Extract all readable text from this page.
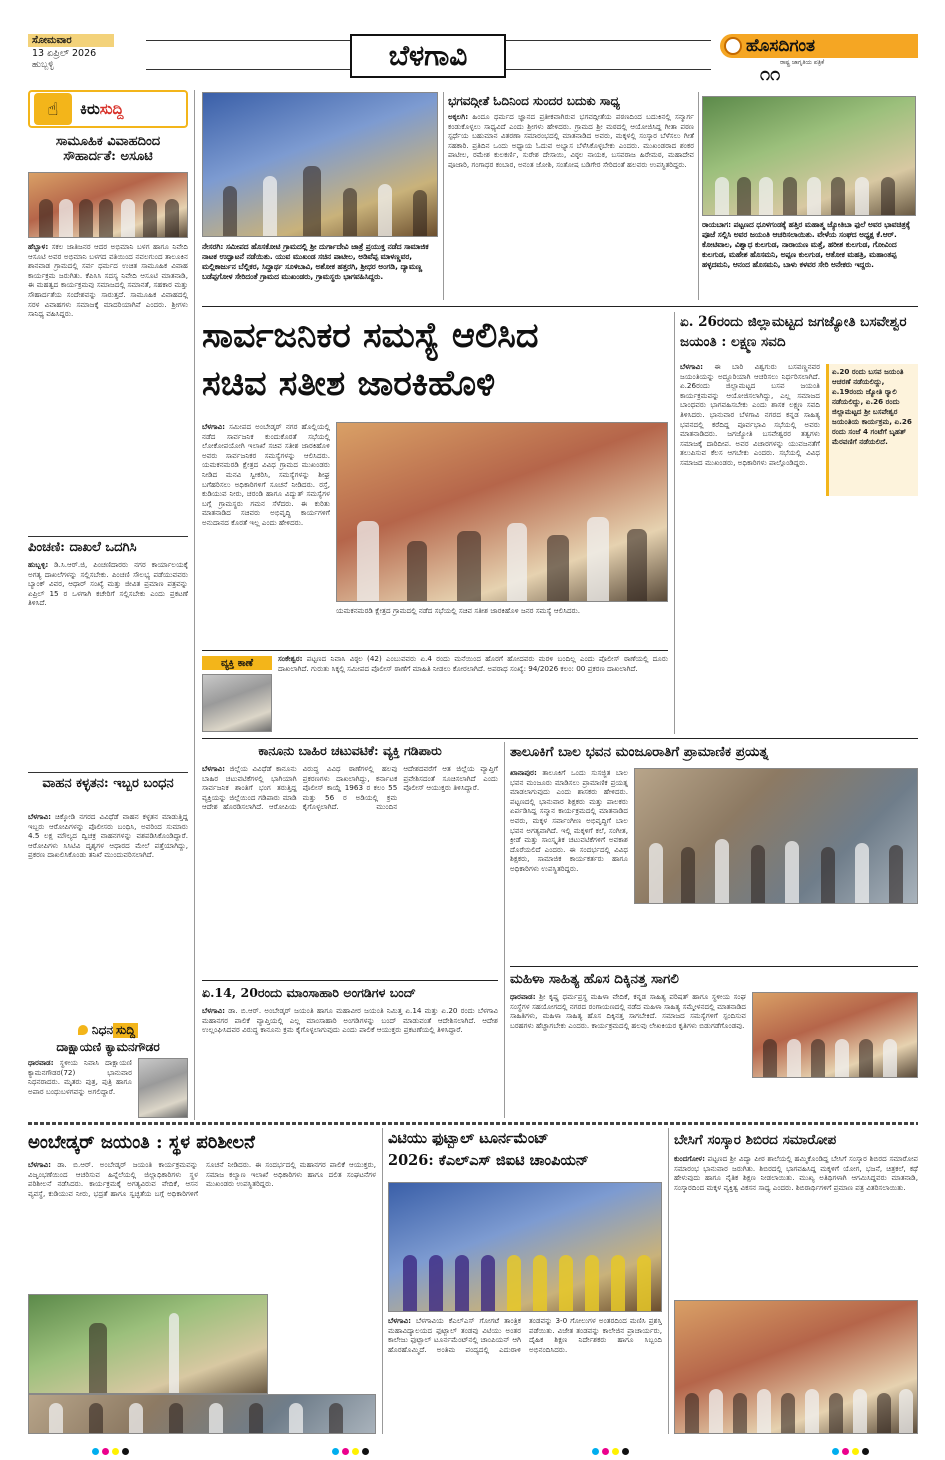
ಸೋಮವಾರ
13 ಏಪ್ರಿಲ್ 2026
ಹುಬ್ಬಳ್ಳಿ	ಬೆಳಗಾವಿ	ಹೊಸದಿಗಂತ
ರಾಷ್ಟ್ರ ಜಾಗೃತಿಯ ಪತ್ರಿಕೆ
೧೧
☝	ಕಿರು ಸುದ್ದಿ
ಸಾಮೂಹಿಕ ವಿವಾಹದಿಂದ ಸೌಹಾರ್ದತೆ: ಅಸೂಟಿ
ಹೆಬ್ಬಾಳ: ಸಕಲ ಜಾತಿಜನರ ಆದರ ಅಭಿಮಾನಿ ಬಳಗ ಹಾಗೂ ನಿವೇದಿ ಆಸೂಟಿ ಅವರ ಅಭಿಮಾನಿ ಬಳಗದ ವತಿಯಿಂದ ನವಲಗುಂದ ತಾಲೂಕಿನ ಶಾನವಾಡ ಗ್ರಾಮದಲ್ಲಿ ಸರ್ವ ಧರ್ಮದ ಉಚಿತ ಸಾಮೂಹಿಕ ವಿವಾಹ ಕಾರ್ಯಕ್ರಮ ಜರುಗಿತು. ಕೆಪಿಸಿಸಿ ಸದಸ್ಯ ನಿವೇದಿ ಆಸೂಟಿ ಮಾತನಾಡಿ, ಈ ಮಹತ್ವದ ಕಾರ್ಯಕ್ರಮವು ಸಮಾಜದಲ್ಲಿ ಸಮಾನತೆ, ಸಹಕಾರ ಮತ್ತು ಸೌಹಾರ್ದತೆಯ ಸಂದೇಶವನ್ನು ಸಾರುತ್ತದೆ. ಸಾಮೂಹಿಕ ವಿವಾಹದಲ್ಲಿ ಸರಳ ವಿವಾಹಗಳು ಸಮಾಜಕ್ಕೆ ಮಾದರಿಯಾಗಿವೆ ಎಂದರು. ಶ್ರೀಗಳು ಸಾನಿಧ್ಯ ವಹಿಸಿದ್ದರು.
ಪಿಂಚಣಿ: ದಾಖಲೆ ಒದಗಿಸಿ
ಹುಬ್ಬಳ್ಳಿ: ಡಿ.ಸಿ.ಆರ್.ಜಿ, ಪಿಂಚಣಿದಾರರು ನಗರ ಕಾರ್ಯಾಲಯಕ್ಕೆ ಅಗತ್ಯ ದಾಖಲೆಗಳನ್ನು ಸಲ್ಲಿಸಬೇಕು. ಪಿಂಚಣಿ ಸೌಲಭ್ಯ ಪಡೆಯುವವರು ಬ್ಯಾಂಕ್ ವಿವರ, ಆಧಾರ್ ಸಂಖ್ಯೆ ಮತ್ತು ಜೀವಿತ ಪ್ರಮಾಣ ಪತ್ರವನ್ನು ಏಪ್ರಿಲ್ 15 ರ ಒಳಗಾಗಿ ಕಚೇರಿಗೆ ಸಲ್ಲಿಸಬೇಕು ಎಂದು ಪ್ರಕಟಣೆ ತಿಳಿಸಿದೆ.
ವಾಹನ ಕಳ್ಳತನ: ಇಬ್ಬರ ಬಂಧನ
ಬೆಳಗಾವಿ: ಚಿಕ್ಕೋಡಿ ನಗರದ ವಿವಿಧೆಡೆ ವಾಹನ ಕಳ್ಳತನ ಮಾಡುತ್ತಿದ್ದ ಇಬ್ಬರು ಆರೋಪಿಗಳನ್ನು ಪೊಲೀಸರು ಬಂಧಿಸಿ, ಅವರಿಂದ ಸುಮಾರು 4.5 ಲಕ್ಷ ಮೌಲ್ಯದ ದ್ವಿಚಕ್ರ ವಾಹನಗಳನ್ನು ವಶಪಡಿಸಿಕೊಂಡಿದ್ದಾರೆ. ಆರೋಪಿಗಳು ಸಿಸಿಟಿವಿ ದೃಶ್ಯಗಳ ಆಧಾರದ ಮೇಲೆ ಪತ್ತೆಯಾಗಿದ್ದು, ಪ್ರಕರಣ ದಾಖಲಿಸಿಕೊಂಡು ತನಿಖೆ ಮುಂದುವರಿಸಲಾಗಿದೆ.
ನಿಧನ ಸುದ್ದಿ
ದಾಕ್ಷಾಯಣಿ ಕ್ಯಾಮನಗೌಡರ
ಧಾರವಾಡ: ಸ್ಥಳೀಯ ನಿವಾಸಿ ದಾಕ್ಷಾಯಣಿ ಕ್ಯಾಮನಗೌಡರ(72) ಭಾನುವಾರ ನಿಧನರಾದರು. ಮೃತರು ಪುತ್ರ, ಪುತ್ರಿ ಹಾಗೂ ಅಪಾರ ಬಂಧುಬಳಗವನ್ನು ಅಗಲಿದ್ದಾರೆ.
ನೇಸರಗಿ: ಸಮೀಪದ ಹೊಸಕೋಟಿ ಗ್ರಾಮದಲ್ಲಿ ಶ್ರೀ ದುರ್ಗಾದೇವಿ ಜಾತ್ರೆ ಪ್ರಯುಕ್ತ ನಡೆದ ಸಾಮಾಜಿಕ ನಾಟಕ ಉದ್ಘಾಟನೆ ನಡೆಯಿತು. ಯುವ ಮುಖಂಡ ಸಚಿನ ಪಾಟೀಲ, ಅಡಿವೆಪ್ಪ ಮಾಳಣ್ಣವರ, ಮಲ್ಲಿಕಾರ್ಜುನ ಬೆಲ್ಲಿಕರ, ಸಿದ್ದಾರ್ಥ ಸೂಳಿಬಾವಿ, ಅಶೋಕ ಹತ್ತರಗಿ, ಶ್ರೀಧರ ಅಂಗಡಿ, ದ್ಯಾಮಣ್ಣ ಬಡೆಪ್ಪಗೋಳ ಸೇರಿದಂತೆ ಗ್ರಾಮದ ಮುಖಂಡರು, ಗ್ರಾಮಸ್ಥರು ಭಾಗವಹಿಸಿದ್ದರು.
ಭಗವದ್ಗೀತೆ ಓದಿನಿಂದ ಸುಂದರ ಬದುಕು ಸಾಧ್ಯ
ಅಕ್ಕಲಗಿ: ಹಿಂದೂ ಧರ್ಮದ ಜ್ಞಾನದ ಪ್ರತೀಕವಾಗಿರುವ ಭಗವದ್ಗೀತೆಯ ಪಠಣದಿಂದ ಬದುಕಿನಲ್ಲಿ ಸನ್ಮಾರ್ಗ ಕಂಡುಕೊಳ್ಳಲು ಸಾಧ್ಯವಿದೆ ಎಂದು ಶ್ರೀಗಳು ಹೇಳಿದರು. ಗ್ರಾಮದ ಶ್ರೀ ಮಠದಲ್ಲಿ ಆಯೋಜಿಸಿದ್ದ ಗೀತಾ ಪಠಣ ಸ್ಪರ್ಧೆಯ ಬಹುಮಾನ ವಿತರಣಾ ಸಮಾರಂಭದಲ್ಲಿ ಮಾತನಾಡಿದ ಅವರು, ಮಕ್ಕಳಲ್ಲಿ ಸಂಸ್ಕಾರ ಬೆಳೆಸಲು ಗೀತೆ ಸಹಕಾರಿ. ಪ್ರತಿದಿನ ಒಂದು ಅಧ್ಯಾಯ ಓದುವ ಅಭ್ಯಾಸ ಬೆಳೆಸಿಕೊಳ್ಳಬೇಕು ಎಂದರು. ಮುಖಂಡರಾದ ಶಂಕರ ಪಾಟೀಲ, ರಮೇಶ ಕುಲಕರ್ಣಿ, ಸುರೇಶ ದೇಸಾಯಿ, ವಿಠ್ಠಲ ನಾಯಕ, ಬಸವರಾಜ ಹಿರೇಮಠ, ಮಹಾದೇವ ಪೂಜಾರಿ, ಗಂಗಾಧರ ಕಂಬಾರ, ಅನಂತ ಜೋಶಿ, ಸಂತೋಷ ಬಡಿಗೇರ ಸೇರಿದಂತೆ ಹಲವರು ಉಪಸ್ಥಿತರಿದ್ದರು.
ರಾಯಬಾಗ: ಪಟ್ಟಣದ ಧೂಳಗಂಡಕ್ಕೆ ಹತ್ತಿರ ಮಹಾತ್ಮ ಜ್ಯೋತಿಬಾ ಫುಲೆ ಅವರ ಭಾವಚಿತ್ರಕ್ಕೆ ಪೂಜೆ ಸಲ್ಲಿಸಿ ಅವರ ಜಯಂತಿ ಆಚರಿಸಲಾಯಿತು. ವೇಳೆಯ ಸಂಘದ ಅಧ್ಯಕ್ಷ ಕೆ.ಆರ್. ಕೋಟಿವಾಲ, ವಿಶ್ವಾಧ ಕುಲಗುಡ, ನಾರಾಯಣ ಮತ್ತೆ, ಹರೀಶ ಕುಲಗುಡ, ಗೋವಿಂದ ಕುಲಗುಡ, ಮಹೇಶ ಹೊಸಮನಿ, ಅಪ್ಪಣ ಕುಲಗುಡ, ಆತೋಕ ಮಹತ್ರಿ, ಮಹಾಂತಪ್ಪ ಹಳ್ಳದಮನಿ, ಆನಂದ ಹೊಸಮನಿ, ಬಾಳು ಕಳವರ ಸೇರಿ ಅನೇಕರು ಇದ್ದರು.
ಸಾರ್ವಜನಿಕರ ಸಮಸ್ಯೆ ಆಲಿಸಿದ
ಸಚಿವ ಸತೀಶ ಜಾರಕಿಹೊಳಿ
ಬೆಳಗಾವಿ: ಸಮೀಪದ ಅಂಬೇಡ್ಕರ್ ನಗರ ಹೊಲ್ಲಿಯಲ್ಲಿ ನಡೆದ ಸಾರ್ವಜನಿಕ ಕುಂದುಕೊರತೆ ಸಭೆಯಲ್ಲಿ ಲೋಕೋಪಯೋಗಿ ಇಲಾಖೆ ಸಚಿವ ಸತೀಶ ಜಾರಕಿಹೊಳಿ ಅವರು ಸಾರ್ವಜನಿಕರ ಸಮಸ್ಯೆಗಳನ್ನು ಆಲಿಸಿದರು. ಯಮಕನಮರಡಿ ಕ್ಷೇತ್ರದ ವಿವಿಧ ಗ್ರಾಮದ ಮುಖಂಡರು ನೀಡಿದ ಮನವಿ ಸ್ವೀಕರಿಸಿ, ಸಮಸ್ಯೆಗಳನ್ನು ಶೀಘ್ರ ಬಗೆಹರಿಸಲು ಅಧಿಕಾರಿಗಳಿಗೆ ಸೂಚನೆ ನೀಡಿದರು. ರಸ್ತೆ, ಕುಡಿಯುವ ನೀರು, ಚರಂಡಿ ಹಾಗೂ ವಿದ್ಯುತ್ ಸಮಸ್ಯೆಗಳ ಬಗ್ಗೆ ಗ್ರಾಮಸ್ಥರು ಗಮನ ಸೆಳೆದರು. ಈ ಕುರಿತು ಮಾತನಾಡಿದ ಸಚಿವರು ಅಭಿವೃದ್ಧಿ ಕಾರ್ಯಗಳಿಗೆ ಅನುದಾನದ ಕೊರತೆ ಇಲ್ಲ ಎಂದು ಹೇಳಿದರು.
ಯಮಕನಮರಡಿ ಕ್ಷೇತ್ರದ ಗ್ರಾಮದಲ್ಲಿ ನಡೆದ ಸಭೆಯಲ್ಲಿ ಸಚಿವ ಸತೀಶ ಜಾರಕಿಹೊಳಿ ಜನರ ಸಮಸ್ಯೆ ಆಲಿಸಿದರು.
ವ್ಯಕ್ತಿ ಕಾಣೆ	ಸಂಕೇಶ್ವರ: ಪಟ್ಟಣದ ನಿವಾಸಿ ವಿಠ್ಠಲ (42) ಎಂಬುವವರು ಏ.4 ರಂದು ಮನೆಯಿಂದ ಹೊರಗೆ ಹೋದವರು ಮರಳಿ ಬಂದಿಲ್ಲ ಎಂದು ಪೊಲೀಸ್ ಠಾಣೆಯಲ್ಲಿ ದೂರು ದಾಖಲಾಗಿದೆ. ಗುರುತು ಸಿಕ್ಕಲ್ಲಿ ಸಮೀಪದ ಪೊಲೀಸ್ ಠಾಣೆಗೆ ಮಾಹಿತಿ ನೀಡಲು ಕೋರಲಾಗಿದೆ. ಅಪರಾಧ ಸಂಖ್ಯೆ: 94/2026 ಕಲಂ: 00 ಪ್ರಕರಣ ದಾಖಲಾಗಿದೆ.
ಏ. 26ರಂದು ಜಿಲ್ಲಾಮಟ್ಟದ ಜಗಜ್ಯೋತಿ ಬಸವೇಶ್ವರ ಜಯಂತಿ : ಲಕ್ಷ್ಮಣ ಸವದಿ
ಬೆಳಗಾವಿ: ಈ ಬಾರಿ ವಿಶ್ವಗುರು ಬಸವಣ್ಣನವರ ಜಯಂತಿಯನ್ನು ಅದ್ದೂರಿಯಾಗಿ ಆಚರಿಸಲು ನಿರ್ಧರಿಸಲಾಗಿದೆ. ಏ.26ರಂದು ಜಿಲ್ಲಾಮಟ್ಟದ ಬಸವ ಜಯಂತಿ ಕಾರ್ಯಕ್ರಮವನ್ನು ಆಯೋಜಿಸಲಾಗಿದ್ದು, ಎಲ್ಲ ಸಮಾಜದ ಬಾಂಧವರು ಭಾಗವಹಿಸಬೇಕು ಎಂದು ಶಾಸಕ ಲಕ್ಷ್ಮಣ ಸವದಿ ತಿಳಿಸಿದರು. ಭಾನುವಾರ ಬೆಳಗಾವಿ ನಗರದ ಕನ್ನಡ ಸಾಹಿತ್ಯ ಭವನದಲ್ಲಿ ಕರೆದಿದ್ದ ಪೂರ್ವಭಾವಿ ಸಭೆಯಲ್ಲಿ ಅವರು ಮಾತನಾಡಿದರು. ಜಗಜ್ಯೋತಿ ಬಸವೇಶ್ವರರ ತತ್ವಗಳು ಸಮಾಜಕ್ಕೆ ದಾರಿದೀಪ. ಅವರ ವಿಚಾರಗಳನ್ನು ಯುವಜನತೆಗೆ ತಲುಪಿಸುವ ಕೆಲಸ ಆಗಬೇಕು ಎಂದರು. ಸಭೆಯಲ್ಲಿ ವಿವಿಧ ಸಮಾಜದ ಮುಖಂಡರು, ಅಧಿಕಾರಿಗಳು ಪಾಲ್ಗೊಂಡಿದ್ದರು.
ಏ.20 ರಂದು ಬಸವ ಜಯಂತಿ ಆಚರಣೆ ನಡೆಯಲಿದ್ದು, ಏ.19ರಂದು ಜ್ಯೋತಿ ರ‍್ಯಾಲಿ ನಡೆಯಲಿದ್ದು, ಏ.26 ರಂದು ಜಿಲ್ಲಾಮಟ್ಟದ ಶ್ರೀ ಬಸವೇಶ್ವರ ಜಯಂತಿಯ ಕಾರ್ಯಕ್ರಮ, ಏ.26 ರಂದು ಸಂಜೆ 4 ಗಂಟೆಗೆ ಬೃಹತ್ ಮೆರವಣಿಗೆ ನಡೆಯಲಿದೆ.
ಕಾನೂನು ಬಾಹಿರ ಚಟುವಟಿಕೆ: ವ್ಯಕ್ತಿ ಗಡಿಪಾರು
ಬೆಳಗಾವಿ: ಜಿಲ್ಲೆಯ ವಿವಿಧೆಡೆ ಕಾನೂನು ಬಾಹಿರ ಚಟುವಟಿಕೆಗಳಲ್ಲಿ ಭಾಗಿಯಾಗಿ ಸಾರ್ವಜನಿಕ ಶಾಂತಿಗೆ ಭಂಗ ತರುತ್ತಿದ್ದ ವ್ಯಕ್ತಿಯನ್ನು ಜಿಲ್ಲೆಯಿಂದ ಗಡಿಪಾರು ಮಾಡಿ ಆದೇಶ ಹೊರಡಿಸಲಾಗಿದೆ. ಆರೋಪಿಯ ವಿರುದ್ಧ ವಿವಿಧ ಠಾಣೆಗಳಲ್ಲಿ ಹಲವು ಪ್ರಕರಣಗಳು ದಾಖಲಾಗಿದ್ದು, ಕರ್ನಾಟಕ ಪೊಲೀಸ್ ಕಾಯ್ದೆ 1963 ರ ಕಲಂ 55 ಮತ್ತು 56 ರ ಅಡಿಯಲ್ಲಿ ಕ್ರಮ ಕೈಗೊಳ್ಳಲಾಗಿದೆ. ಮುಂದಿನ ಆದೇಶದವರೆಗೆ ಆತ ಜಿಲ್ಲೆಯ ವ್ಯಾಪ್ತಿಗೆ ಪ್ರವೇಶಿಸದಂತೆ ಸೂಚಿಸಲಾಗಿದೆ ಎಂದು ಪೊಲೀಸ್ ಆಯುಕ್ತರು ತಿಳಿಸಿದ್ದಾರೆ.
ಏ.14, 20ರಂದು ಮಾಂಸಾಹಾರಿ ಅಂಗಡಿಗಳ ಬಂದ್
ಬೆಳಗಾವಿ: ಡಾ. ಬಿ.ಆರ್. ಅಂಬೇಡ್ಕರ್ ಜಯಂತಿ ಹಾಗೂ ಮಹಾವೀರ ಜಯಂತಿ ನಿಮಿತ್ತ ಏ.14 ಮತ್ತು ಏ.20 ರಂದು ಬೆಳಗಾವಿ ಮಹಾನಗರ ಪಾಲಿಕೆ ವ್ಯಾಪ್ತಿಯಲ್ಲಿ ಎಲ್ಲ ಮಾಂಸಾಹಾರಿ ಅಂಗಡಿಗಳನ್ನು ಬಂದ್ ಮಾಡುವಂತೆ ಆದೇಶಿಸಲಾಗಿದೆ. ಆದೇಶ ಉಲ್ಲಂಘಿಸಿದವರ ವಿರುದ್ಧ ಕಾನೂನು ಕ್ರಮ ಕೈಗೊಳ್ಳಲಾಗುವುದು ಎಂದು ಪಾಲಿಕೆ ಆಯುಕ್ತರು ಪ್ರಕಟಣೆಯಲ್ಲಿ ತಿಳಿಸಿದ್ದಾರೆ.
ತಾಲೂಕಿಗೆ ಬಾಲ ಭವನ ಮಂಜೂರಾತಿಗೆ ಪ್ರಾಮಾಣಿಕ ಪ್ರಯತ್ನ
ಖಾನಾಪುರ: ತಾಲೂಕಿಗೆ ಒಂದು ಸುಸಜ್ಜಿತ ಬಾಲ ಭವನ ಮಂಜೂರು ಮಾಡಿಸಲು ಪ್ರಾಮಾಣಿಕ ಪ್ರಯತ್ನ ಮಾಡಲಾಗುವುದು ಎಂದು ಶಾಸಕರು ಹೇಳಿದರು. ಪಟ್ಟಣದಲ್ಲಿ ಭಾನುವಾರ ಶಿಕ್ಷಕರು ಮತ್ತು ಪಾಲಕರು ಏರ್ಪಡಿಸಿದ್ದ ಸನ್ಮಾನ ಕಾರ್ಯಕ್ರಮದಲ್ಲಿ ಮಾತನಾಡಿದ ಅವರು, ಮಕ್ಕಳ ಸರ್ವಾಂಗೀಣ ಅಭಿವೃದ್ಧಿಗೆ ಬಾಲ ಭವನ ಅಗತ್ಯವಾಗಿದೆ. ಇಲ್ಲಿ ಮಕ್ಕಳಿಗೆ ಕಲೆ, ಸಂಗೀತ, ಕ್ರೀಡೆ ಮತ್ತು ಸಾಂಸ್ಕೃತಿಕ ಚಟುವಟಿಕೆಗಳಿಗೆ ಅವಕಾಶ ದೊರೆಯಲಿದೆ ಎಂದರು. ಈ ಸಂದರ್ಭದಲ್ಲಿ ವಿವಿಧ ಶಿಕ್ಷಕರು, ಸಾಮಾಜಿಕ ಕಾರ್ಯಕರ್ತರು ಹಾಗೂ ಅಧಿಕಾರಿಗಳು ಉಪಸ್ಥಿತರಿದ್ದರು.
ಮಹಿಳಾ ಸಾಹಿತ್ಯ ಹೊಸ ದಿಕ್ಕಿನತ್ತ ಸಾಗಲಿ
ಧಾರವಾಡ: ಶ್ರೀ ಕೃಷ್ಣ ಧರ್ಮಪ್ರಸ್ಥ ಮಹಿಳಾ ವೇದಿಕೆ, ಕನ್ನಡ ಸಾಹಿತ್ಯ ಪರಿಷತ್ ಹಾಗೂ ಸ್ಥಳೀಯ ಸಂಘ ಸಂಸ್ಥೆಗಳ ಸಹಯೋಗದಲ್ಲಿ ನಗರದ ರಂಗಾಯಣದಲ್ಲಿ ನಡೆದ ಮಹಿಳಾ ಸಾಹಿತ್ಯ ಸಮ್ಮೇಳನದಲ್ಲಿ ಮಾತನಾಡಿದ ಸಾಹಿತಿಗಳು, ಮಹಿಳಾ ಸಾಹಿತ್ಯ ಹೊಸ ದಿಕ್ಕಿನತ್ತ ಸಾಗಬೇಕಿದೆ. ಸಮಾಜದ ಸಮಸ್ಯೆಗಳಿಗೆ ಸ್ಪಂದಿಸುವ ಬರಹಗಳು ಹೆಚ್ಚಾಗಬೇಕು ಎಂದರು. ಕಾರ್ಯಕ್ರಮದಲ್ಲಿ ಹಲವು ಲೇಖಕಿಯರ ಕೃತಿಗಳು ಬಿಡುಗಡೆಗೊಂಡವು.
ಅಂಬೇಡ್ಕರ್ ಜಯಂತಿ : ಸ್ಥಳ ಪರಿಶೀಲನೆ
ಬೆಳಗಾವಿ: ಡಾ. ಬಿ.ಆರ್. ಅಂಬೇಡ್ಕರ್ ಜಯಂತಿ ಕಾರ್ಯಕ್ರಮವನ್ನು ವಿಜೃಂಭಣೆಯಿಂದ ಆಚರಿಸುವ ಹಿನ್ನೆಲೆಯಲ್ಲಿ ಜಿಲ್ಲಾಧಿಕಾರಿಗಳು ಸ್ಥಳ ಪರಿಶೀಲನೆ ನಡೆಸಿದರು. ಕಾರ್ಯಕ್ರಮಕ್ಕೆ ಅಗತ್ಯವಿರುವ ವೇದಿಕೆ, ಆಸನ ವ್ಯವಸ್ಥೆ, ಕುಡಿಯುವ ನೀರು, ಭದ್ರತೆ ಹಾಗೂ ಸ್ವಚ್ಛತೆಯ ಬಗ್ಗೆ ಅಧಿಕಾರಿಗಳಿಗೆ ಸೂಚನೆ ನೀಡಿದರು. ಈ ಸಂದರ್ಭದಲ್ಲಿ ಮಹಾನಗರ ಪಾಲಿಕೆ ಆಯುಕ್ತರು, ಸಮಾಜ ಕಲ್ಯಾಣ ಇಲಾಖೆ ಅಧಿಕಾರಿಗಳು ಹಾಗೂ ದಲಿತ ಸಂಘಟನೆಗಳ ಮುಖಂಡರು ಉಪಸ್ಥಿತರಿದ್ದರು.
ವಿಟಿಯು ಫುಟ್ಬಾಲ್ ಟೂರ್ನಮೆಂಟ್
2026: ಕೆಎಲ್‌ಎಸ್ ಜಿಐಟಿ ಚಾಂಪಿಯನ್
ಬೆಳಗಾವಿ: ಬೆಳಗಾವಿಯ ಕೆಎಲ್‌ಎಸ್ ಗೋಗಟೆ ತಾಂತ್ರಿಕ ಮಹಾವಿದ್ಯಾಲಯದ ಫುಟ್ಬಾಲ್ ತಂಡವು ವಿಟಿಯು ಅಂತರ ಕಾಲೇಜು ಫುಟ್ಬಾಲ್ ಟೂರ್ನಮೆಂಟ್‌ನಲ್ಲಿ ಚಾಂಪಿಯನ್ ಆಗಿ ಹೊರಹೊಮ್ಮಿದೆ. ಅಂತಿಮ ಪಂದ್ಯದಲ್ಲಿ ಎದುರಾಳಿ ತಂಡವನ್ನು 3-0 ಗೋಲುಗಳ ಅಂತರದಿಂದ ಮಣಿಸಿ ಪ್ರಶಸ್ತಿ ಪಡೆಯಿತು. ವಿಜೇತ ತಂಡವನ್ನು ಕಾಲೇಜಿನ ಪ್ರಾಚಾರ್ಯರು, ದೈಹಿಕ ಶಿಕ್ಷಣ ನಿರ್ದೇಶಕರು ಹಾಗೂ ಸಿಬ್ಬಂದಿ ಅಭಿನಂದಿಸಿದರು.
ಬೇಸಿಗೆ ಸಂಸ್ಕಾರ ಶಿಬಿರದ ಸಮಾರೋಪ
ಕುಂದಗೋಳ: ಪಟ್ಟಣದ ಶ್ರೀ ವಿದ್ಯಾ ಪೀಠ ಶಾಲೆಯಲ್ಲಿ ಹಮ್ಮಿಕೊಂಡಿದ್ದ ಬೇಸಿಗೆ ಸಂಸ್ಕಾರ ಶಿಬಿರದ ಸಮಾರೋಪ ಸಮಾರಂಭ ಭಾನುವಾರ ಜರುಗಿತು. ಶಿಬಿರದಲ್ಲಿ ಭಾಗವಹಿಸಿದ್ದ ಮಕ್ಕಳಿಗೆ ಯೋಗ, ಭಜನೆ, ಚಿತ್ರಕಲೆ, ಕಥೆ ಹೇಳುವುದು ಹಾಗೂ ನೈತಿಕ ಶಿಕ್ಷಣ ನೀಡಲಾಯಿತು. ಮುಖ್ಯ ಅತಿಥಿಗಳಾಗಿ ಆಗಮಿಸಿದ್ದವರು ಮಾತನಾಡಿ, ಸಂಸ್ಕಾರದಿಂದ ಮಕ್ಕಳ ವ್ಯಕ್ತಿತ್ವ ವಿಕಸನ ಸಾಧ್ಯ ಎಂದರು. ಶಿಬಿರಾರ್ಥಿಗಳಿಗೆ ಪ್ರಮಾಣ ಪತ್ರ ವಿತರಿಸಲಾಯಿತು.
